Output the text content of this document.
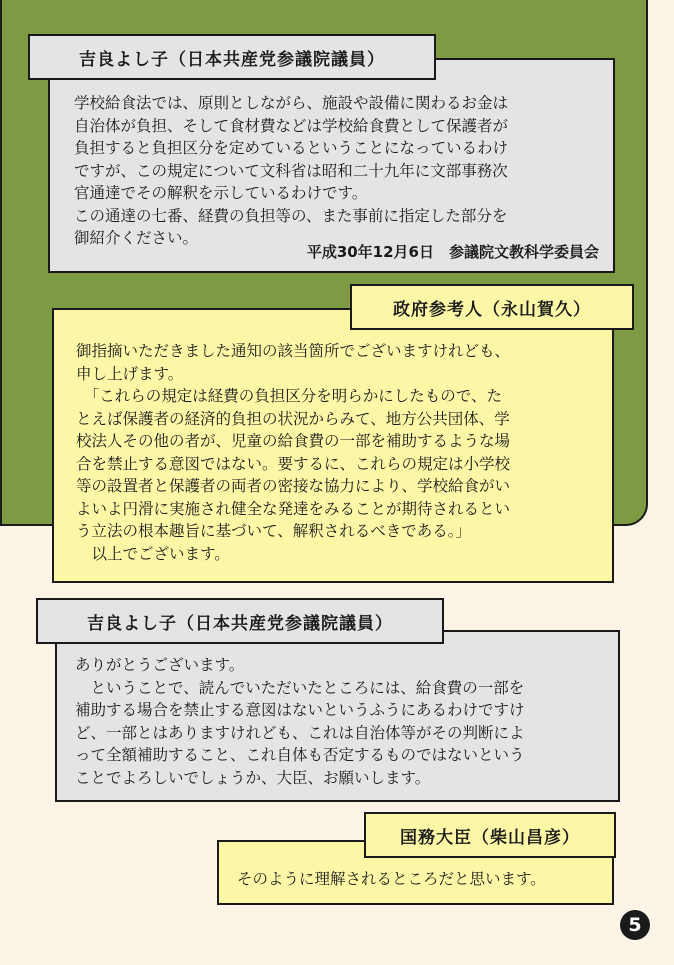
学校給食法では、原則としながら、施設や設備に関わるお金は
自治体が負担、そして食材費などは学校給食費として保護者が
負担すると負担区分を定めているということになっているわけ
ですが、この規定について文科省は昭和二十九年に文部事務次
官通達でその解釈を示しているわけです。
この通達の七番、経費の負担等の、また事前に指定した部分を
御紹介ください。

平成30年12月6日　参議院文教科学委員会
吉良よし子（日本共産党参議院議員）

御指摘いただきました通知の該当箇所でございますけれども、
申し上げます。
　「これらの規定は経費の負担区分を明らかにしたもので、た
とえば保護者の経済的負担の状況からみて、地方公共団体、学
校法人その他の者が、児童の給食費の一部を補助するような場
合を禁止する意図ではない。要するに、これらの規定は小学校
等の設置者と保護者の両者の密接な協力により、学校給食がい
よいよ円滑に実施され健全な発達をみることが期待されるとい
う立法の根本趣旨に基づいて、解釈されるべきである。」
　以上でございます。

政府参考人（永山賀久）

ありがとうございます。
　ということで、読んでいただいたところには、給食費の一部を
補助する場合を禁止する意図はないというふうにあるわけですけ
ど、一部とはありますけれども、これは自治体等がその判断によ
って全額補助すること、これ自体も否定するものではないという
ことでよろしいでしょうか、大臣、お願いします。

吉良よし子（日本共産党参議院議員）

そのように理解されるところだと思います。

国務大臣（柴山昌彦）
5
